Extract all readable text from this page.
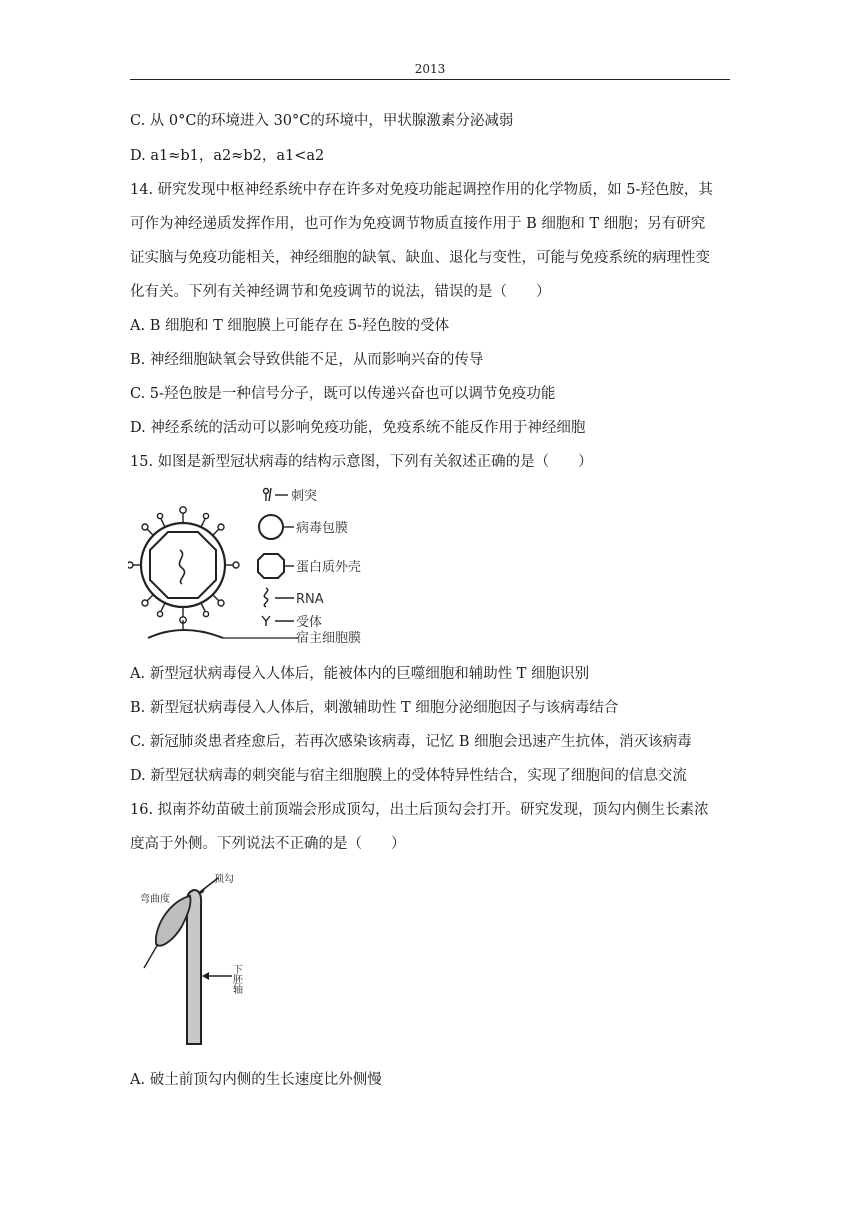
2013
C. 从 0°C的环境进入 30°C的环境中，甲状腺激素分泌减弱
D. a1≈b1，a2≈b2，a1<a2
14. 研究发现中枢神经系统中存在许多对免疫功能起调控作用的化学物质，如 5-羟色胺，其
可作为神经递质发挥作用，也可作为免疫调节物质直接作用于 B 细胞和 T 细胞；另有研究
证实脑与免疫功能相关，神经细胞的缺氧、缺血、退化与变性，可能与免疫系统的病理性变
化有关。下列有关神经调节和免疫调节的说法，错误的是（　　）
A. B 细胞和 T 细胞膜上可能存在 5-羟色胺的受体
B. 神经细胞缺氧会导致供能不足，从而影响兴奋的传导
C. 5-羟色胺是一种信号分子，既可以传递兴奋也可以调节免疫功能
D. 神经系统的活动可以影响免疫功能，免疫系统不能反作用于神经细胞
15. 如图是新型冠状病毒的结构示意图，下列有关叙述正确的是（　　）
刺突
病毒包膜
蛋白质外壳
RNA
受体
宿主细胞膜
A. 新型冠状病毒侵入人体后，能被体内的巨噬细胞和辅助性 T 细胞识别
B. 新型冠状病毒侵入人体后，刺激辅助性 T 细胞分泌细胞因子与该病毒结合
C. 新冠肺炎患者痊愈后，若再次感染该病毒，记忆 B 细胞会迅速产生抗体，消灭该病毒
D. 新型冠状病毒的刺突能与宿主细胞膜上的受体特异性结合，实现了细胞间的信息交流
16. 拟南芥幼苗破土前顶端会形成顶勾，出土后顶勾会打开。研究发现，顶勾内侧生长素浓
度高于外侧。下列说法不正确的是（　　）
顶勾
弯曲度
下胚轴
A. 破土前顶勾内侧的生长速度比外侧慢
